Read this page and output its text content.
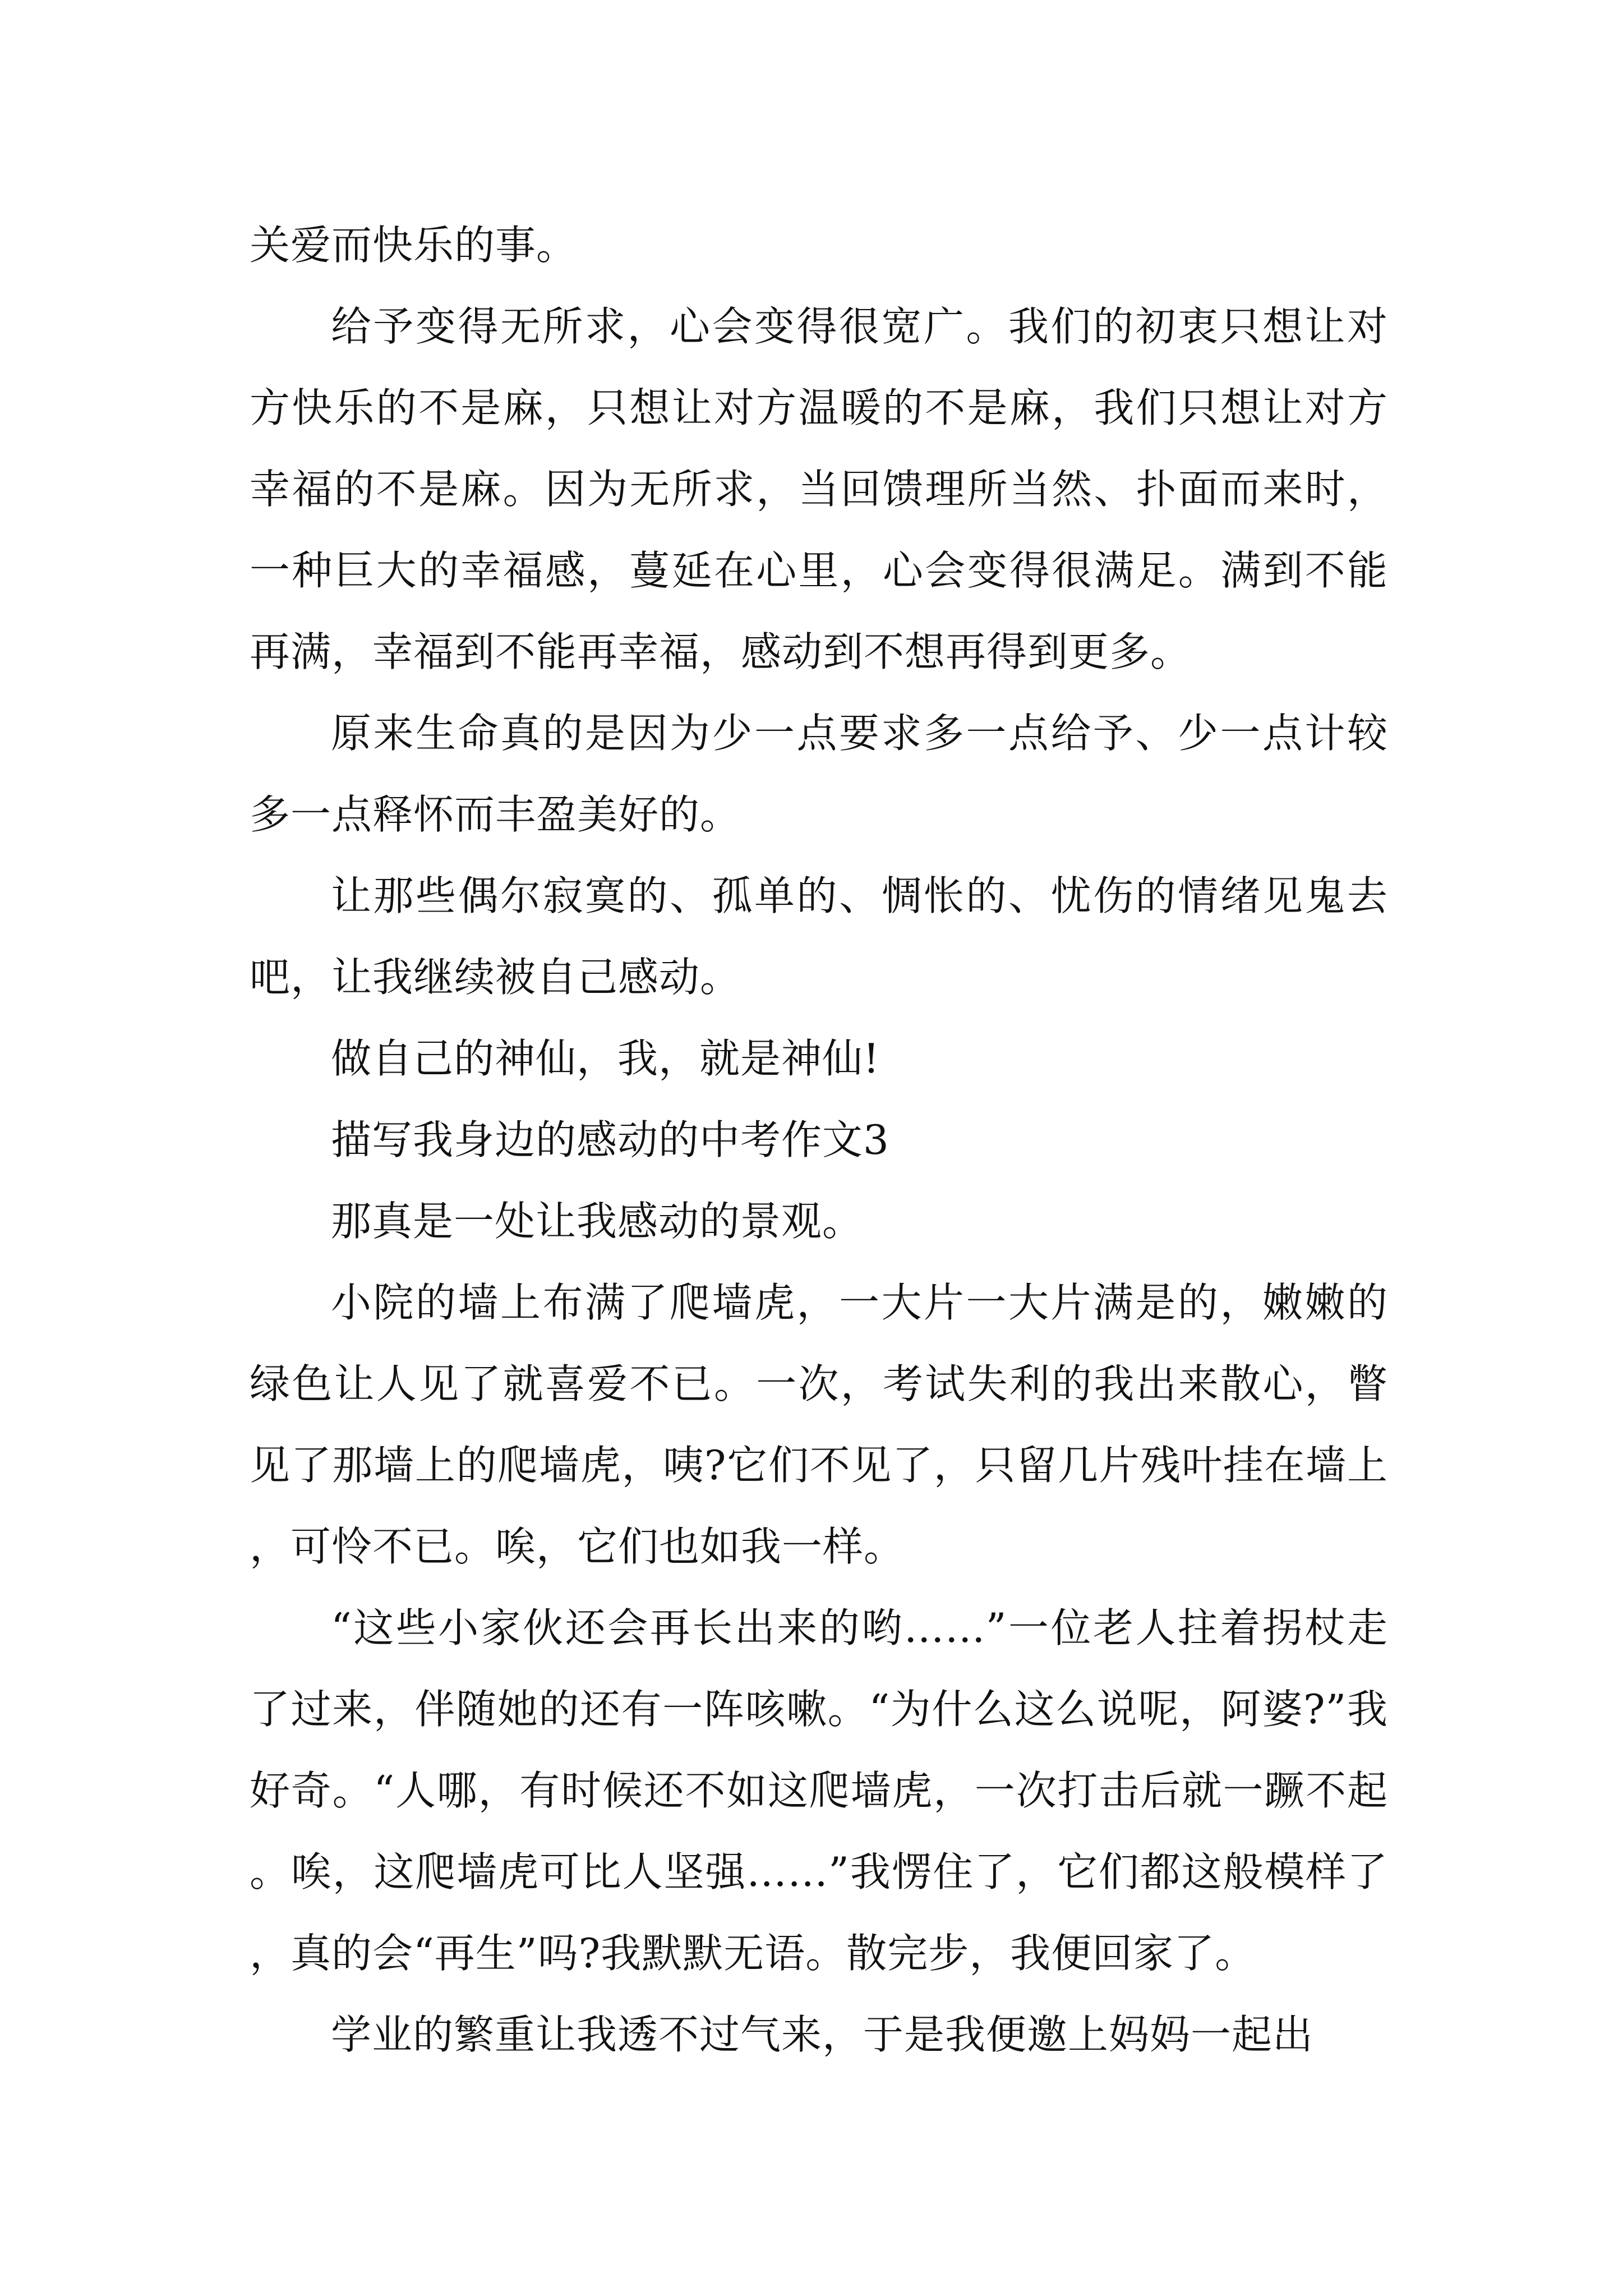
关爱而快乐的事。

给予变得无所求，心会变得很宽广。我们的初衷只想让对方快乐的不是麻，只想让对方温暖的不是麻，我们只想让对方幸福的不是麻。因为无所求，当回馈理所当然、扑面而来时，一种巨大的幸福感，蔓延在心里，心会变得很满足。满到不能再满，幸福到不能再幸福，感动到不想再得到更多。

原来生命真的是因为少一点要求多一点给予、少一点计较多一点释怀而丰盈美好的。

让那些偶尔寂寞的、孤单的、惆怅的、忧伤的情绪见鬼去吧，让我继续被自己感动。

做自己的神仙，我，就是神仙!

描写我身边的感动的中考作文3

那真是一处让我感动的景观。

小院的墙上布满了爬墙虎，一大片一大片满是的，嫩嫩的绿色让人见了就喜爱不已。一次，考试失利的我出来散心，瞥见了那墙上的爬墙虎，咦?它们不见了，只留几片残叶挂在墙上，可怜不已。唉，它们也如我一样。

“这些小家伙还会再长出来的哟……”一位老人拄着拐杖走了过来，伴随她的还有一阵咳嗽。“为什么这么说呢，阿婆?”我好奇。“人哪，有时候还不如这爬墙虎，一次打击后就一蹶不起。唉，这爬墙虎可比人坚强……”我愣住了，它们都这般模样了，真的会“再生”吗?我默默无语。散完步，我便回家了。

学业的繁重让我透不过气来，于是我便邀上妈妈一起出
